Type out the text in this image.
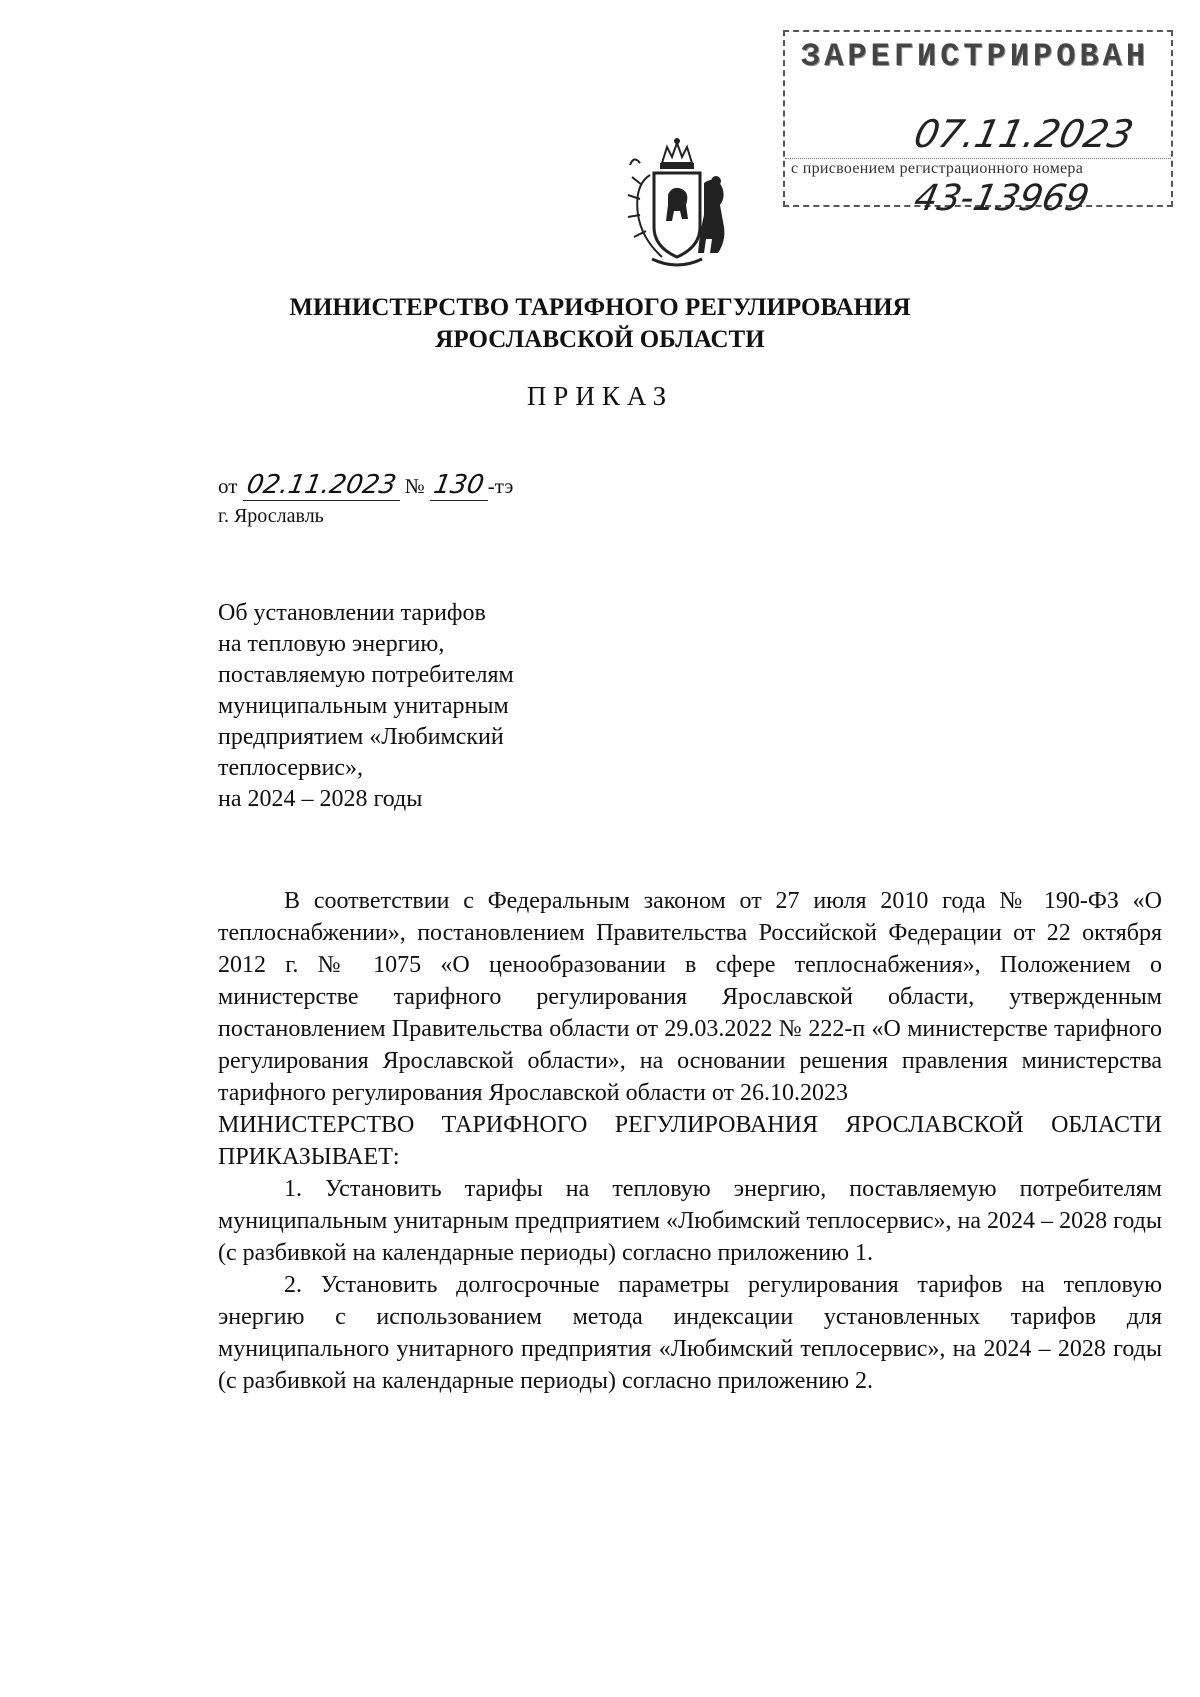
ЗАРЕГИСТРИРОВАН
07.11.2023
с присвоением регистрационного номера
43-13969
МИНИСТЕРСТВО ТАРИФНОГО РЕГУЛИРОВАНИЯ
ЯРОСЛАВСКОЙ ОБЛАСТИ
ПРИКАЗ
от 02.11.2023 № 130-тэ
г. Ярославль
Об установлении тарифов
на тепловую энергию,
поставляемую потребителям
муниципальным унитарным
предприятием «Любимский
теплосервис»,
на 2024 – 2028 годы

В соответствии с Федеральным законом от 27 июля 2010 года № 190-ФЗ «О теплоснабжении», постановлением Правительства Российской Федерации от 22 октября 2012 г. № 1075 «О ценообразовании в сфере теплоснабжения», Положением о министерстве тарифного регулирования Ярославской области, утвержденным постановлением Правительства области от 29.03.2022 № 222-п «О министерстве тарифного регулирования Ярославской области», на основании решения правления министерства тарифного регулирования Ярославской области от 26.10.2023

МИНИСТЕРСТВО ТАРИФНОГО РЕГУЛИРОВАНИЯ ЯРОСЛАВСКОЙ ОБЛАСТИ ПРИКАЗЫВАЕТ:

1. Установить тарифы на тепловую энергию, поставляемую потребителям муниципальным унитарным предприятием «Любимский теплосервис», на 2024 – 2028 годы (с разбивкой на календарные периоды) согласно приложению 1.

2. Установить долгосрочные параметры регулирования тарифов на тепловую энергию с использованием метода индексации установленных тарифов для муниципального унитарного предприятия «Любимский теплосервис», на 2024 – 2028 годы (с разбивкой на календарные периоды) согласно приложению 2.
